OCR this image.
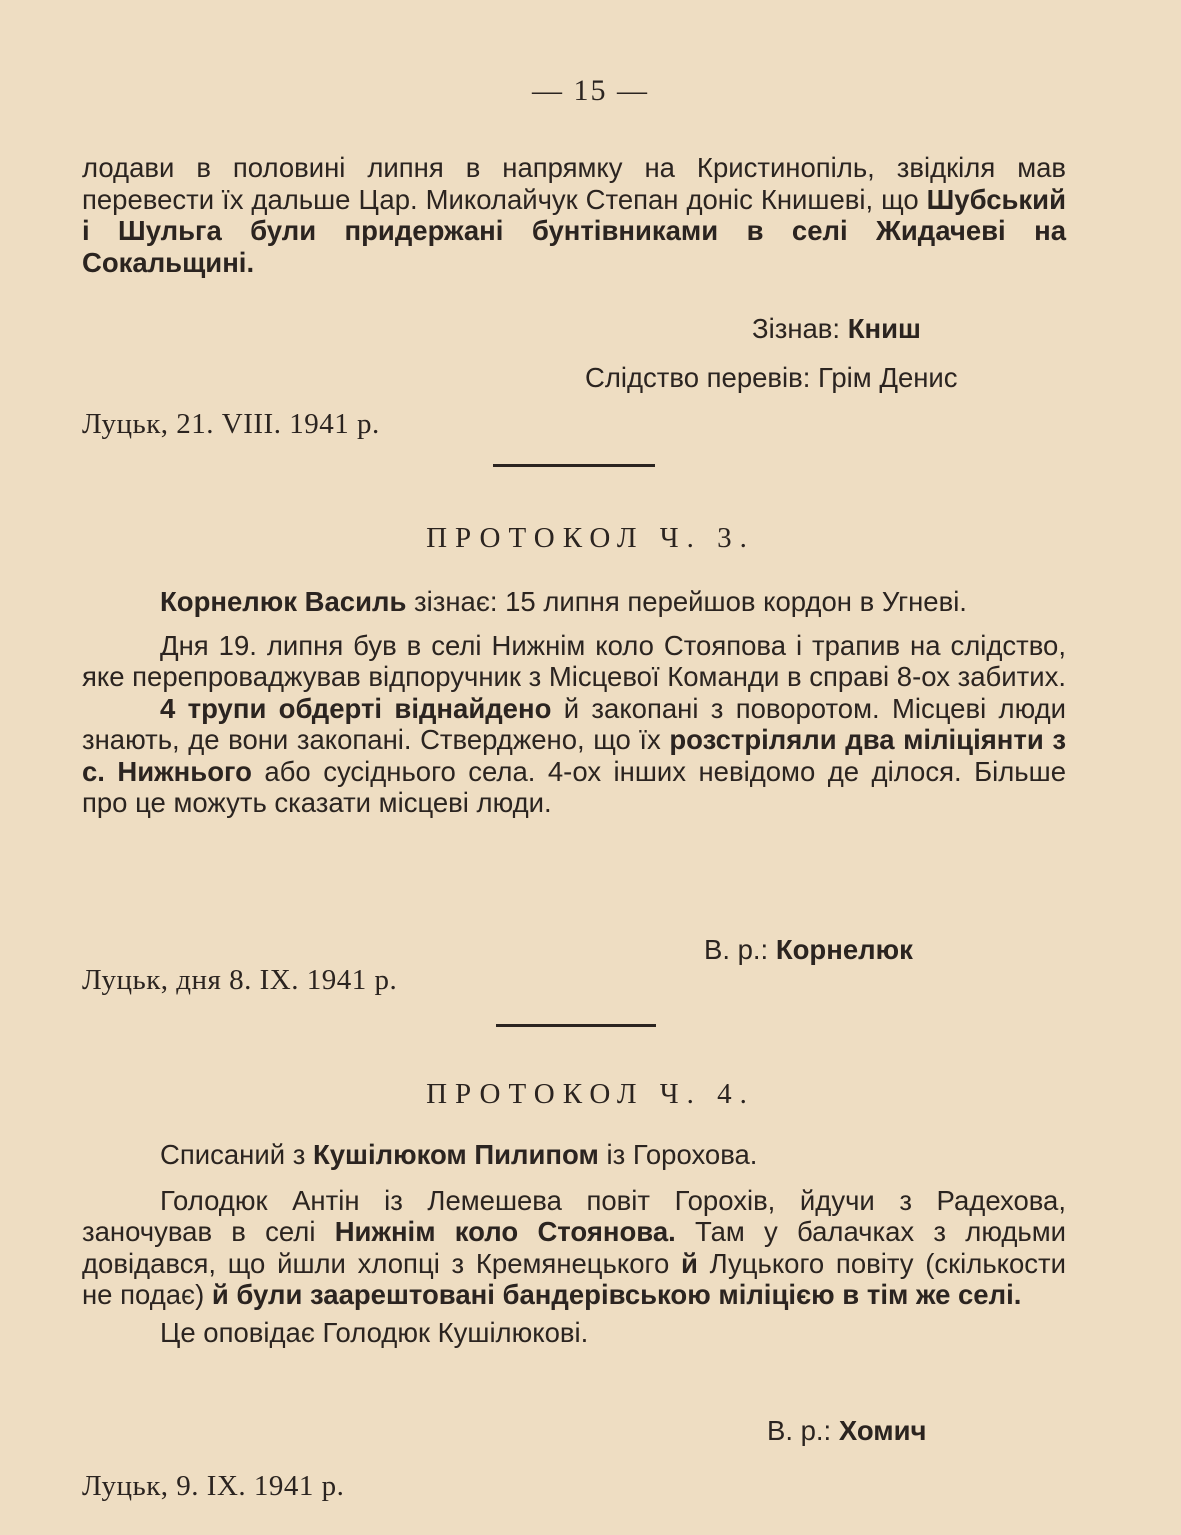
— 15 —

лодави в половині липня в напрямку на Кристинопіль, звідкіля мав перевести їх дальше Цар. Миколайчук Степан доніс Книшеві, що Шубський і Шульга були придержані бунтівниками в селі Жидачеві на Сокальщині.

Зізнав: Книш
Слідство перевів: Грім Денис
Луцьк, 21. VIII. 1941 р.
ПРОТОКОЛ Ч. 3.

Корнелюк Василь зізнає: 15 липня перейшов кордон в Угневі.

Дня 19. липня був в селі Нижнім коло Стояпова і трапив на слідство, яке перепроваджував відпоручник з Місцевої Команди в справі 8-ох забитих.

4 трупи обдерті віднайдено й закопані з поворотом. Місцеві люди знають, де вони закопані. Стверджено, що їх розстріляли два міліціянти з с. Нижнього або сусіднього села. 4-ох інших невідомо де ділося. Більше про це можуть сказати місцеві люди.

В. р.: Корнелюк
Луцьк, дня 8. IX. 1941 р.
ПРОТОКОЛ Ч. 4.

Списаний з Кушілюком Пилипом із Горохова.

Голодюк Антін із Лемешева повіт Горохів, йдучи з Радехова, заночував в селі Нижнім коло Стоянова. Там у балачках з людьми довідався, що йшли хлопці з Кремянецького й Луцького повіту (скількости не подає) й були заарештовані бандерівською міліцією в тім же селі.

Це оповідає Голодюк Кушілюкові.

В. р.: Хомич
Луцьк, 9. IX. 1941 р.
